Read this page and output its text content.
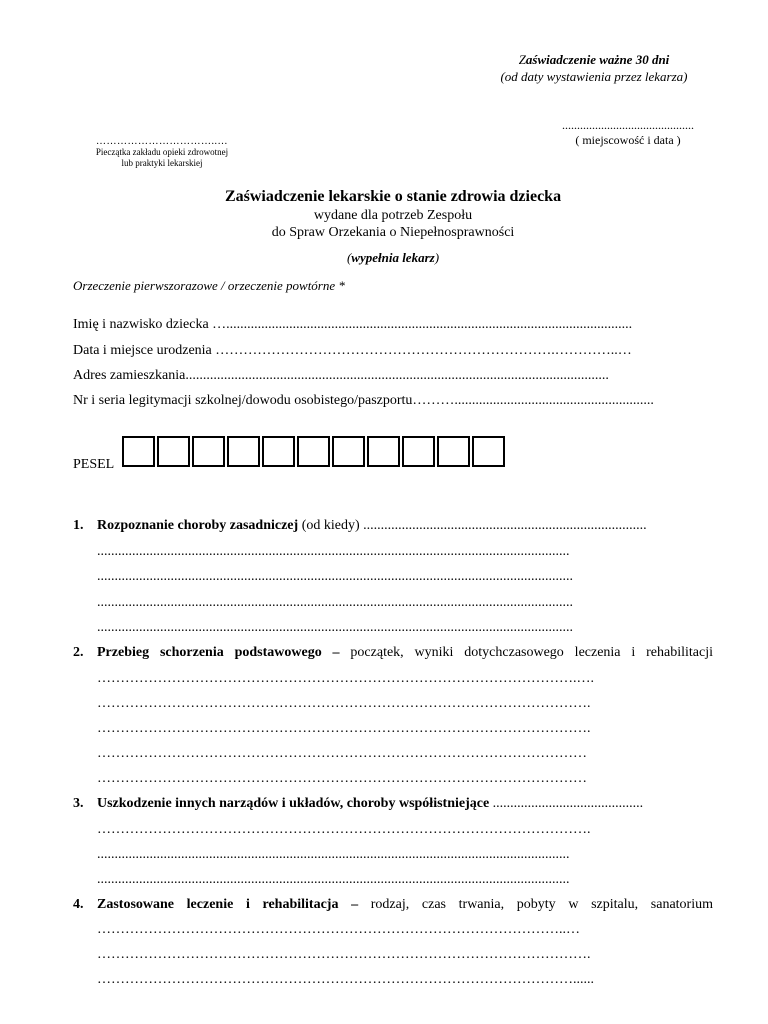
Zaświadczenie ważne 30 dni
(od daty wystawienia przez lekarza)
……………………………..…
Pieczątka zakładu opieki zdrowotnej
lub praktyki lekarskiej
............................................
( miejscowość i data )
Zaświadczenie lekarskie o stanie zdrowia dziecka
wydane dla potrzeb Zespołu
do Spraw Orzekania o Niepełnosprawności
(wypełnia lekarz)
Orzeczenie pierwszorazowe / orzeczenie powtórne *
Imię i nazwisko dziecka …....................................................................................................................
Data i miejsce urodzenia ……………………………………………………………….…………..…
Adres zamieszkania.........................................................................................................................
Nr i seria legitymacji szkolnej/dowodu osobistego/paszportu……….........................................................
PESEL
1. Rozpoznanie choroby zasadniczej (od kiedy) .................................................................................
.......................................................................................................................................
........................................................................................................................................
........................................................................................................................................
........................................................................................................................................
2. Przebieg schorzenia podstawowego – początek, wyniki dotychczasowego leczenia i rehabilitacji
………………………………………………………………………………………….….
…………………………………………………………………………………………….
…………………………………………………………………………………………….
……………………………………………………………………………………………
……………………………………………………………………………………………
3. Uszkodzenie innych narządów i układów, choroby współistniejące ...........................................
…………………………………………………………………………………………….
.......................................................................................................................................
.......................................................................................................................................
4. Zastosowane leczenie i rehabilitacja – rodzaj, czas trwania, pobyty w szpitalu, sanatorium
………………………………………………………………………………………..…
…………………………………………………………………………………………….
…………………………………………………………………………………………......
